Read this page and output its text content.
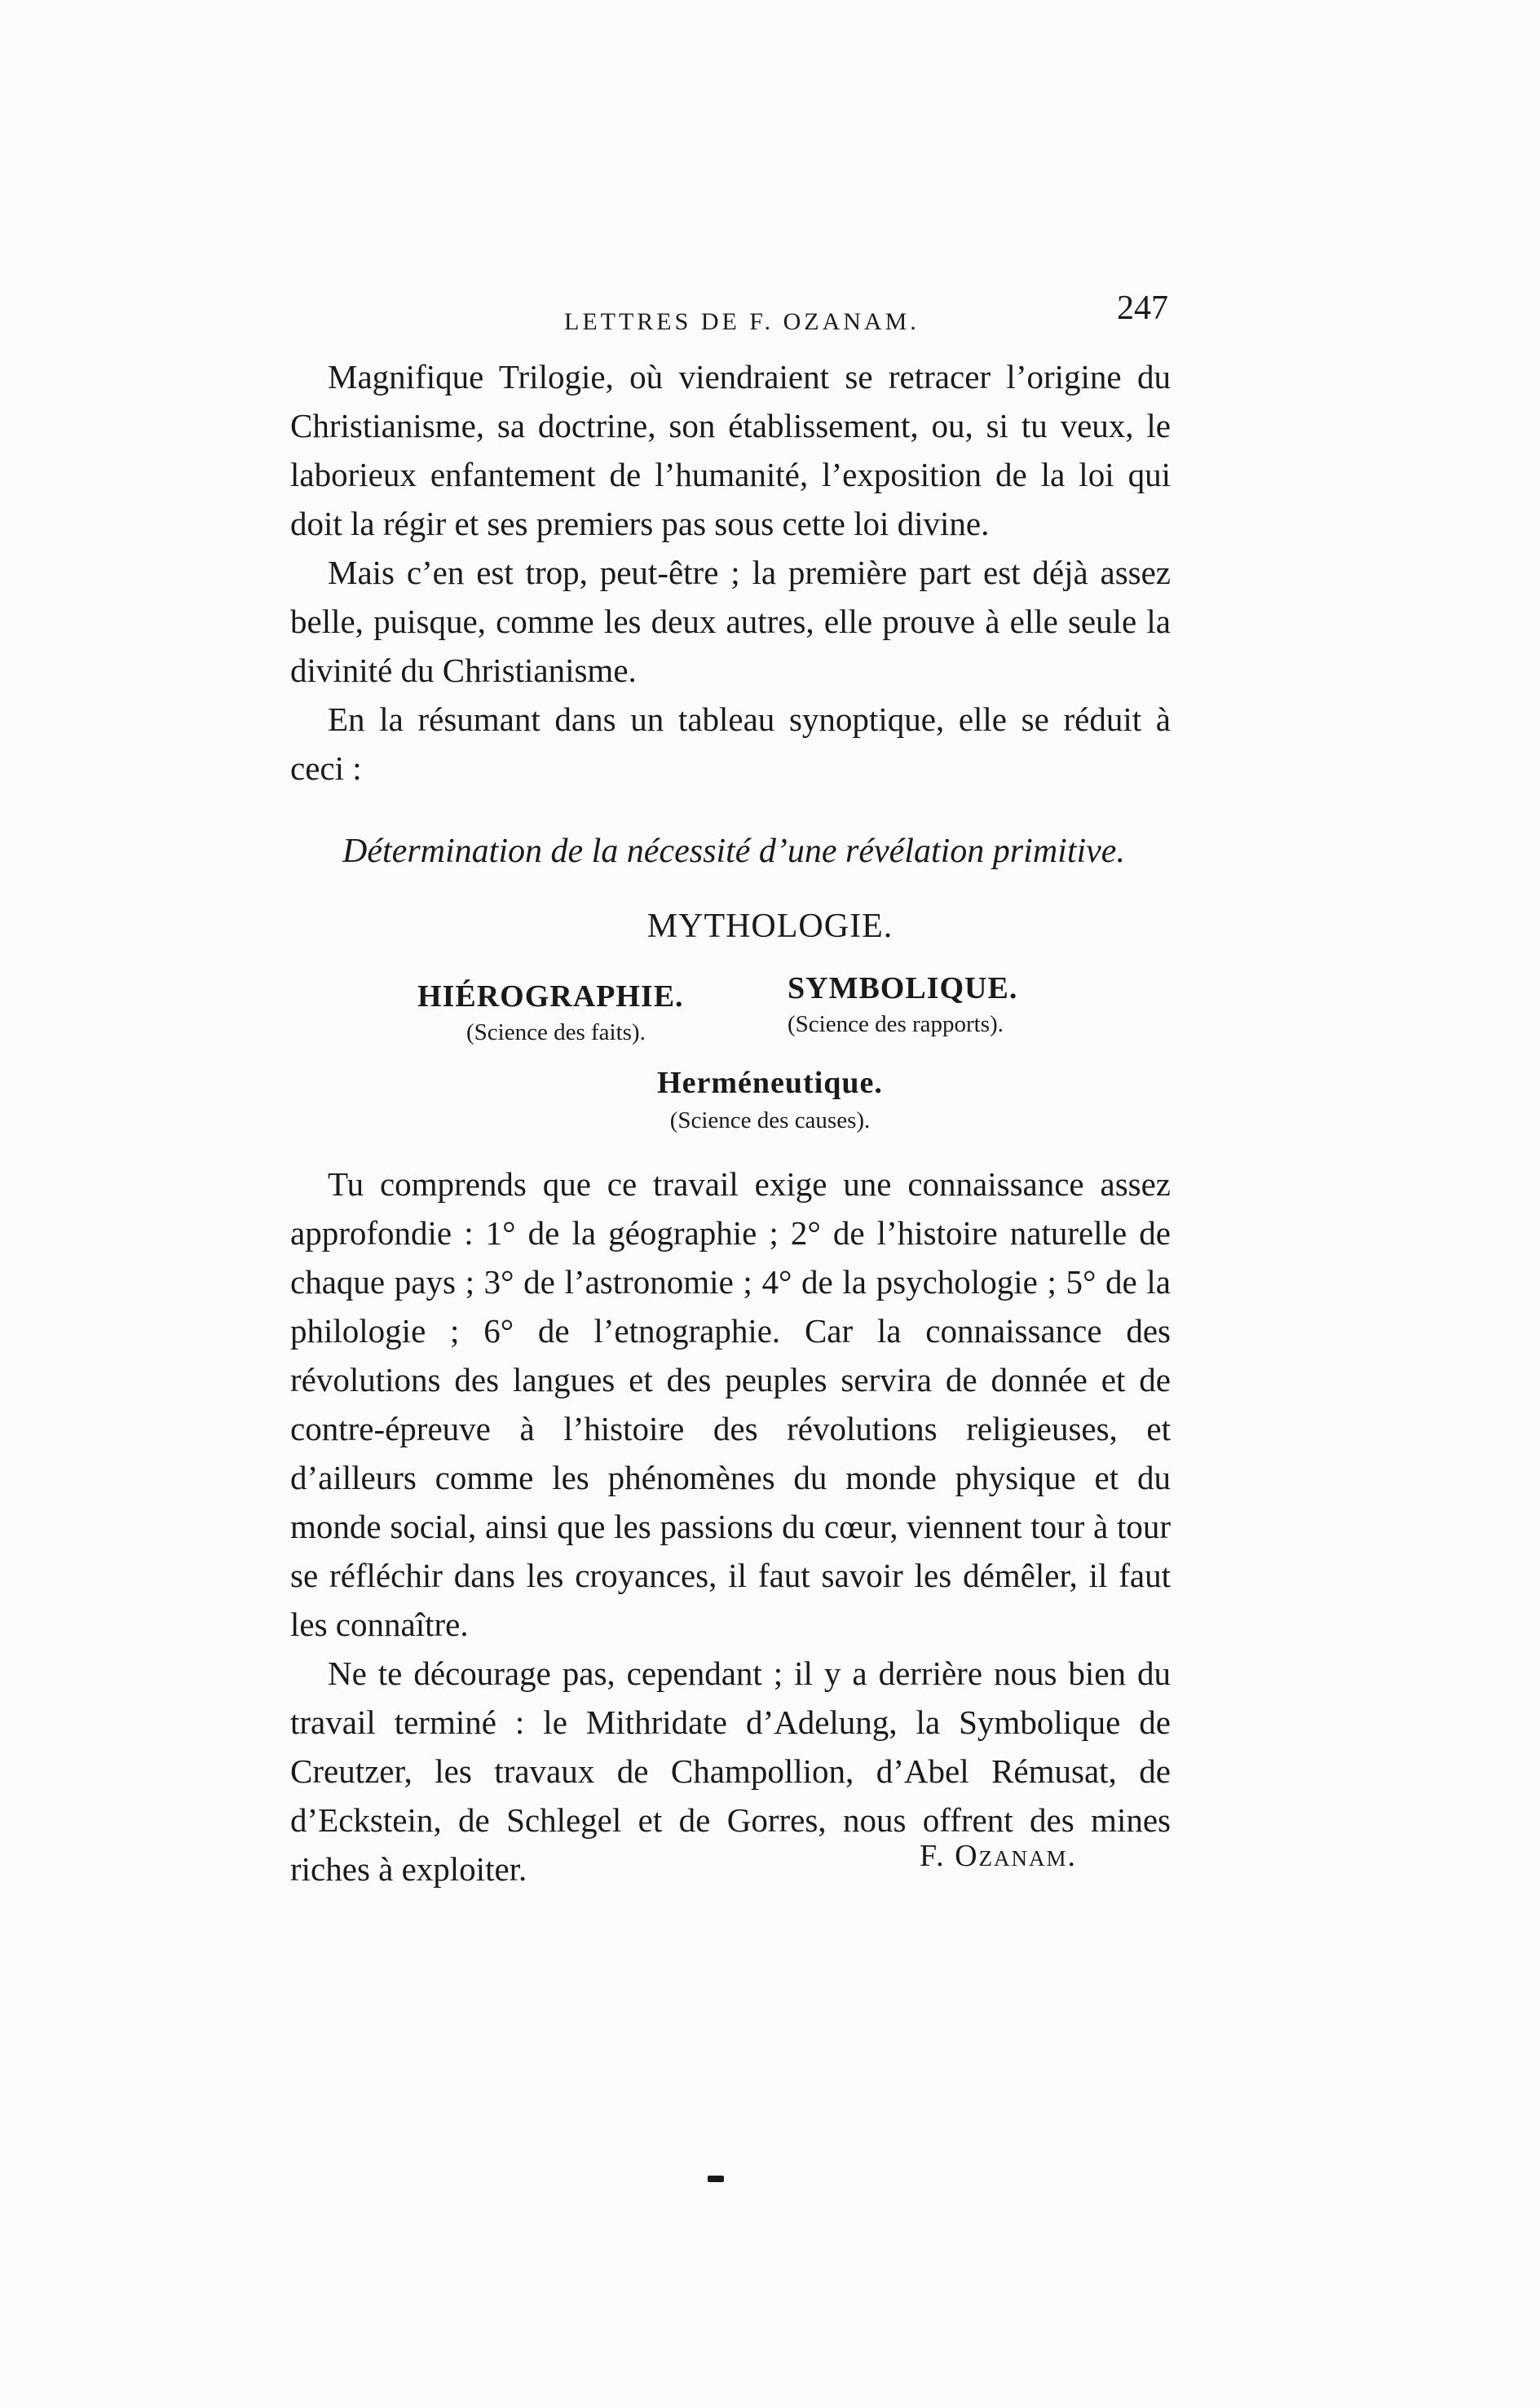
LETTRES DE F. OZANAM.	247

Magnifique Trilogie, où viendraient se retracer l’origine du Christianisme, sa doctrine, son établissement, ou, si tu veux, le laborieux enfantement de l’humanité, l’exposition de la loi qui doit la régir et ses premiers pas sous cette loi divine.

Mais c’en est trop, peut-être ; la première part est déjà assez belle, puisque, comme les deux autres, elle prouve à elle seule la divinité du Christianisme.

En la résumant dans un tableau synoptique, elle se réduit à ceci :

Détermination de la nécessité d’une révélation primitive.
MYTHOLOGIE.
HIÉROGRAPHIE.
(Science des faits).
SYMBOLIQUE.
(Science des rapports).
Herméneutique.
(Science des causes).

Tu comprends que ce travail exige une connaissance assez approfondie : 1° de la géographie ; 2° de l’histoire naturelle de chaque pays ; 3° de l’astronomie ; 4° de la psychologie ; 5° de la philologie ; 6° de l’etnographie. Car la connaissance des révolutions des langues et des peuples servira de donnée et de contre-épreuve à l’histoire des révolutions religieuses, et d’ailleurs comme les phénomènes du monde physique et du monde social, ainsi que les passions du cœur, viennent tour à tour se réfléchir dans les croyances, il faut savoir les démêler, il faut les connaître.

Ne te décourage pas, cependant ; il y a derrière nous bien du travail terminé : le Mithridate d’Adelung, la Symbolique de Creutzer, les travaux de Champollion, d’Abel Rémusat, de d’Eckstein, de Schlegel et de Gorres, nous offrent des mines riches à exploiter.	F. Ozanam.
